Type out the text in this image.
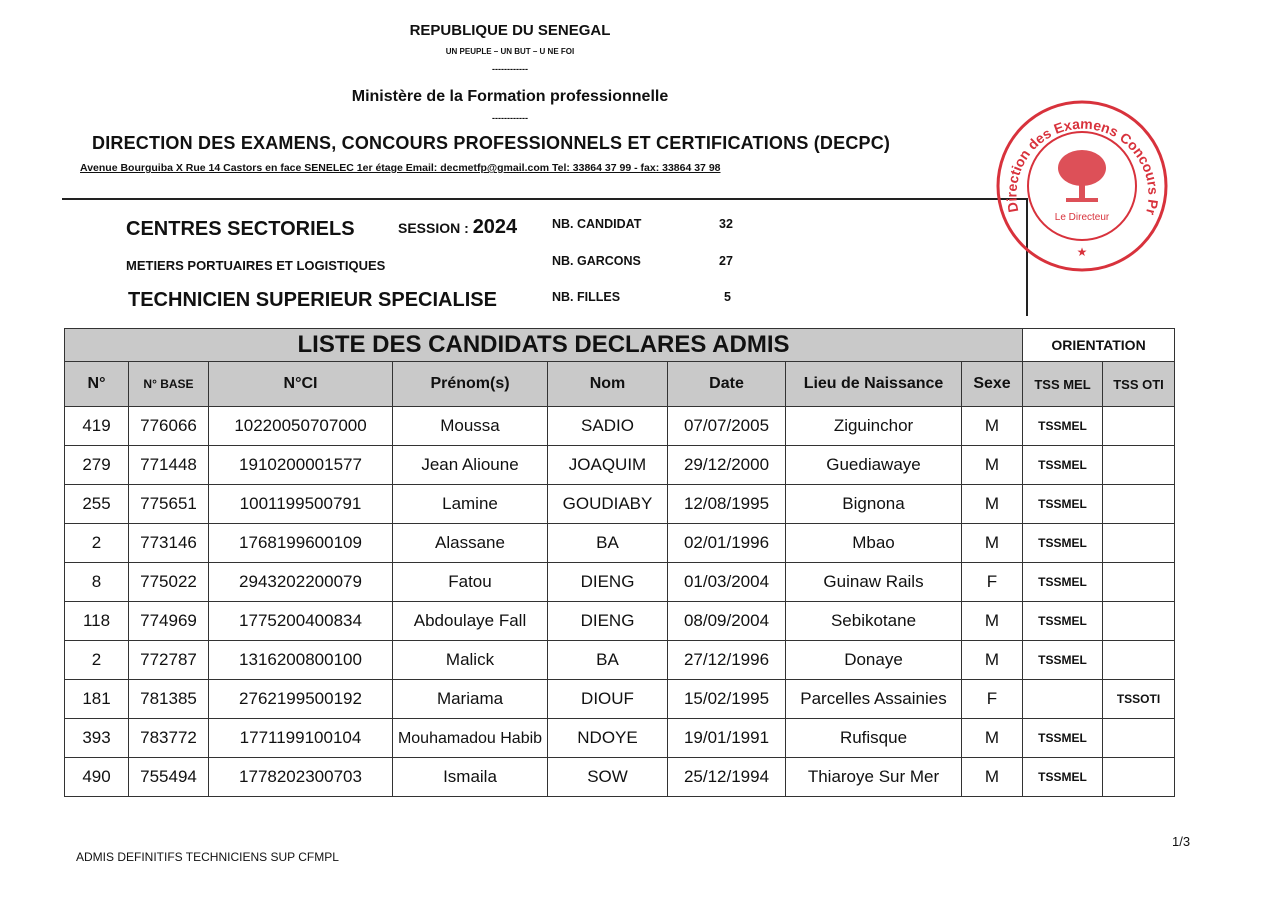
REPUBLIQUE DU SENEGAL
UN PEUPLE – UN BUT – U NE FOI
------------
Ministère de la Formation professionnelle
------------
DIRECTION DES EXAMENS, CONCOURS PROFESSIONNELS ET CERTIFICATIONS (DECPC)
Avenue Bourguiba X Rue 14 Castors en face SENELEC 1er étage Email: decmetfp@gmail.com Tel: 33864 37 99 - fax: 33864 37 98
CENTRES SECTORIELS	SESSION : 2024
METIERS PORTUAIRES ET LOGISTIQUES
TECHNICIEN SUPERIEUR SPECIALISE
NB. CANDIDAT	32
NB. GARCONS	27
NB. FILLES	5
Direction des Examens Concours Pr
Le Directeur
★
LISTE DES CANDIDATS DECLARES ADMIS								ORIENTATION	
N°	N° BASE	N°CI	Prénom(s)	Nom	Date	Lieu de Naissance	Sexe	TSS MEL	TSS OTI
419	776066	10220050707000	Moussa	SADIO	07/07/2005	Ziguinchor	M	TSSMEL	
279	771448	1910200001577	Jean Alioune	JOAQUIM	29/12/2000	Guediawaye	M	TSSMEL	
255	775651	1001199500791	Lamine	GOUDIABY	12/08/1995	Bignona	M	TSSMEL	
2	773146	1768199600109	Alassane	BA	02/01/1996	Mbao	M	TSSMEL	
8	775022	2943202200079	Fatou	DIENG	01/03/2004	Guinaw Rails	F	TSSMEL	
118	774969	1775200400834	Abdoulaye Fall	DIENG	08/09/2004	Sebikotane	M	TSSMEL	
2	772787	1316200800100	Malick	BA	27/12/1996	Donaye	M	TSSMEL	
181	781385	2762199500192	Mariama	DIOUF	15/02/1995	Parcelles Assainies	F		TSSOTI
393	783772	1771199100104	Mouhamadou Habib	NDOYE	19/01/1991	Rufisque	M	TSSMEL	
490	755494	1778202300703	Ismaila	SOW	25/12/1994	Thiaroye Sur Mer	M	TSSMEL	
ADMIS DEFINITIFS TECHNICIENS SUP CFMPL
1/3
